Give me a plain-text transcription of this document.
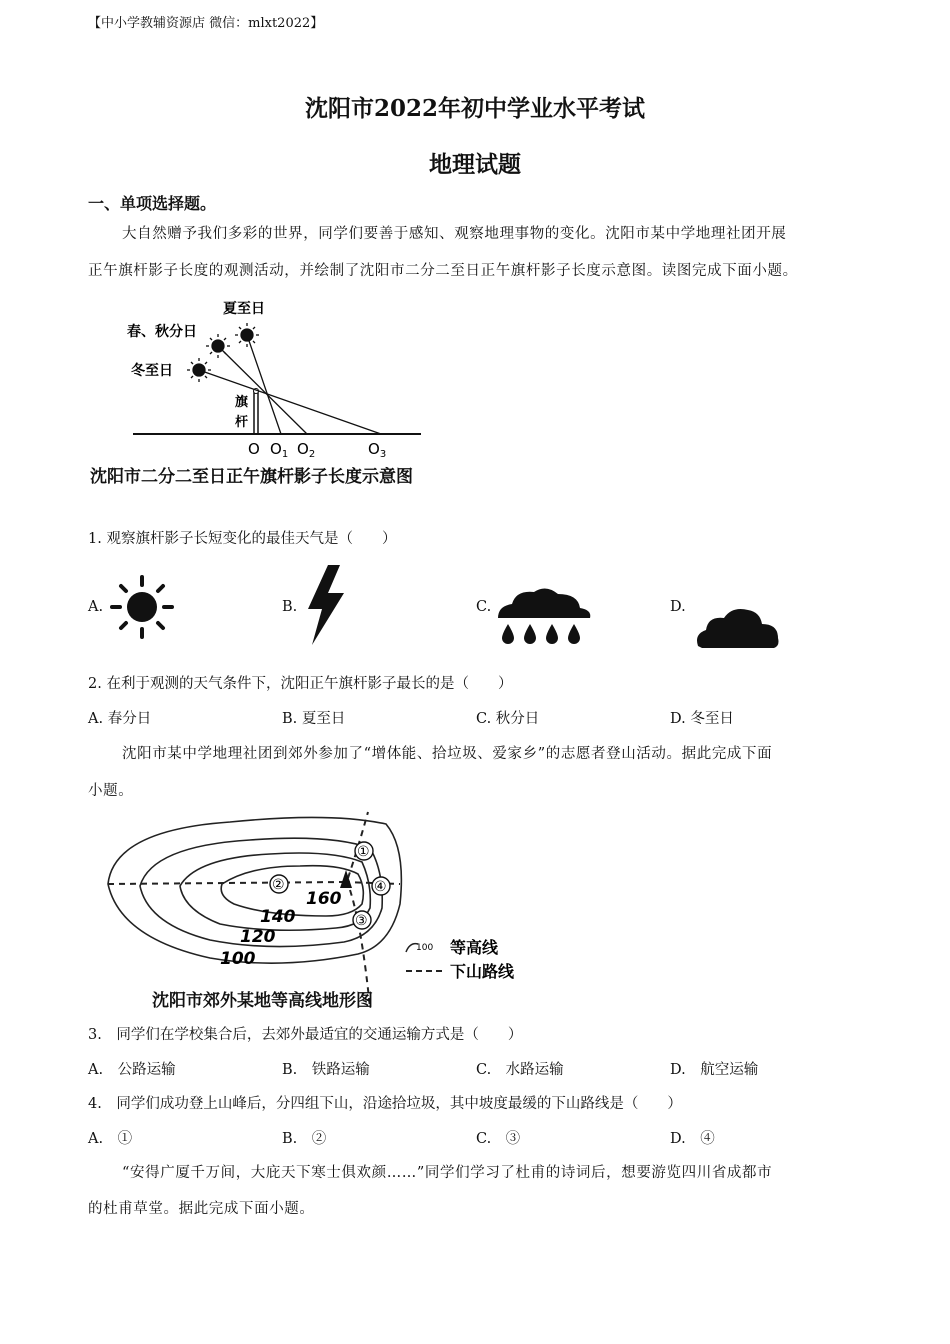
【中小学教辅资源店 微信：mlxt2022】
沈阳市2022年初中学业水平考试
地理试题
一、单项选择题。
大自然赠予我们多彩的世界，同学们要善于感知、观察地理事物的变化。沈阳市某中学地理社团开展
正午旗杆影子长度的观测活动，并绘制了沈阳市二分二至日正午旗杆影子长度示意图。读图完成下面小题。
夏至日
春、秋分日
冬至日
旗
杆
O $O_1$ $O_2$	$O_3$
沈阳市二分二至日正午旗杆影子长度示意图
1. 观察旗杆影子长短变化的最佳天气是（　　）
A.	B.	C.	D.
2. 在利于观测的天气条件下，沈阳正午旗杆影子最长的是（　　）
A. 春分日	B. 夏至日	C. 秋分日	D. 冬至日
沈阳市某中学地理社团到郊外参加了“增体能、拾垃圾、爱家乡”的志愿者登山活动。据此完成下面
小题。
①
②
③
④
160
140
120
100
100 等高线
下山路线
沈阳市郊外某地等高线地形图
3.　同学们在学校集合后，去郊外最适宜的交通运输方式是（　　）
A.　公路运输	B.　铁路运输	C.　水路运输	D.　航空运输
4.　同学们成功登上山峰后，分四组下山，沿途拾垃圾，其中坡度最缓的下山路线是（　　）
A.　①	B.　②	C.　③	D.　④
“安得广厦千万间，大庇天下寒士俱欢颜……”同学们学习了杜甫的诗词后，想要游览四川省成都市
的杜甫草堂。据此完成下面小题。
